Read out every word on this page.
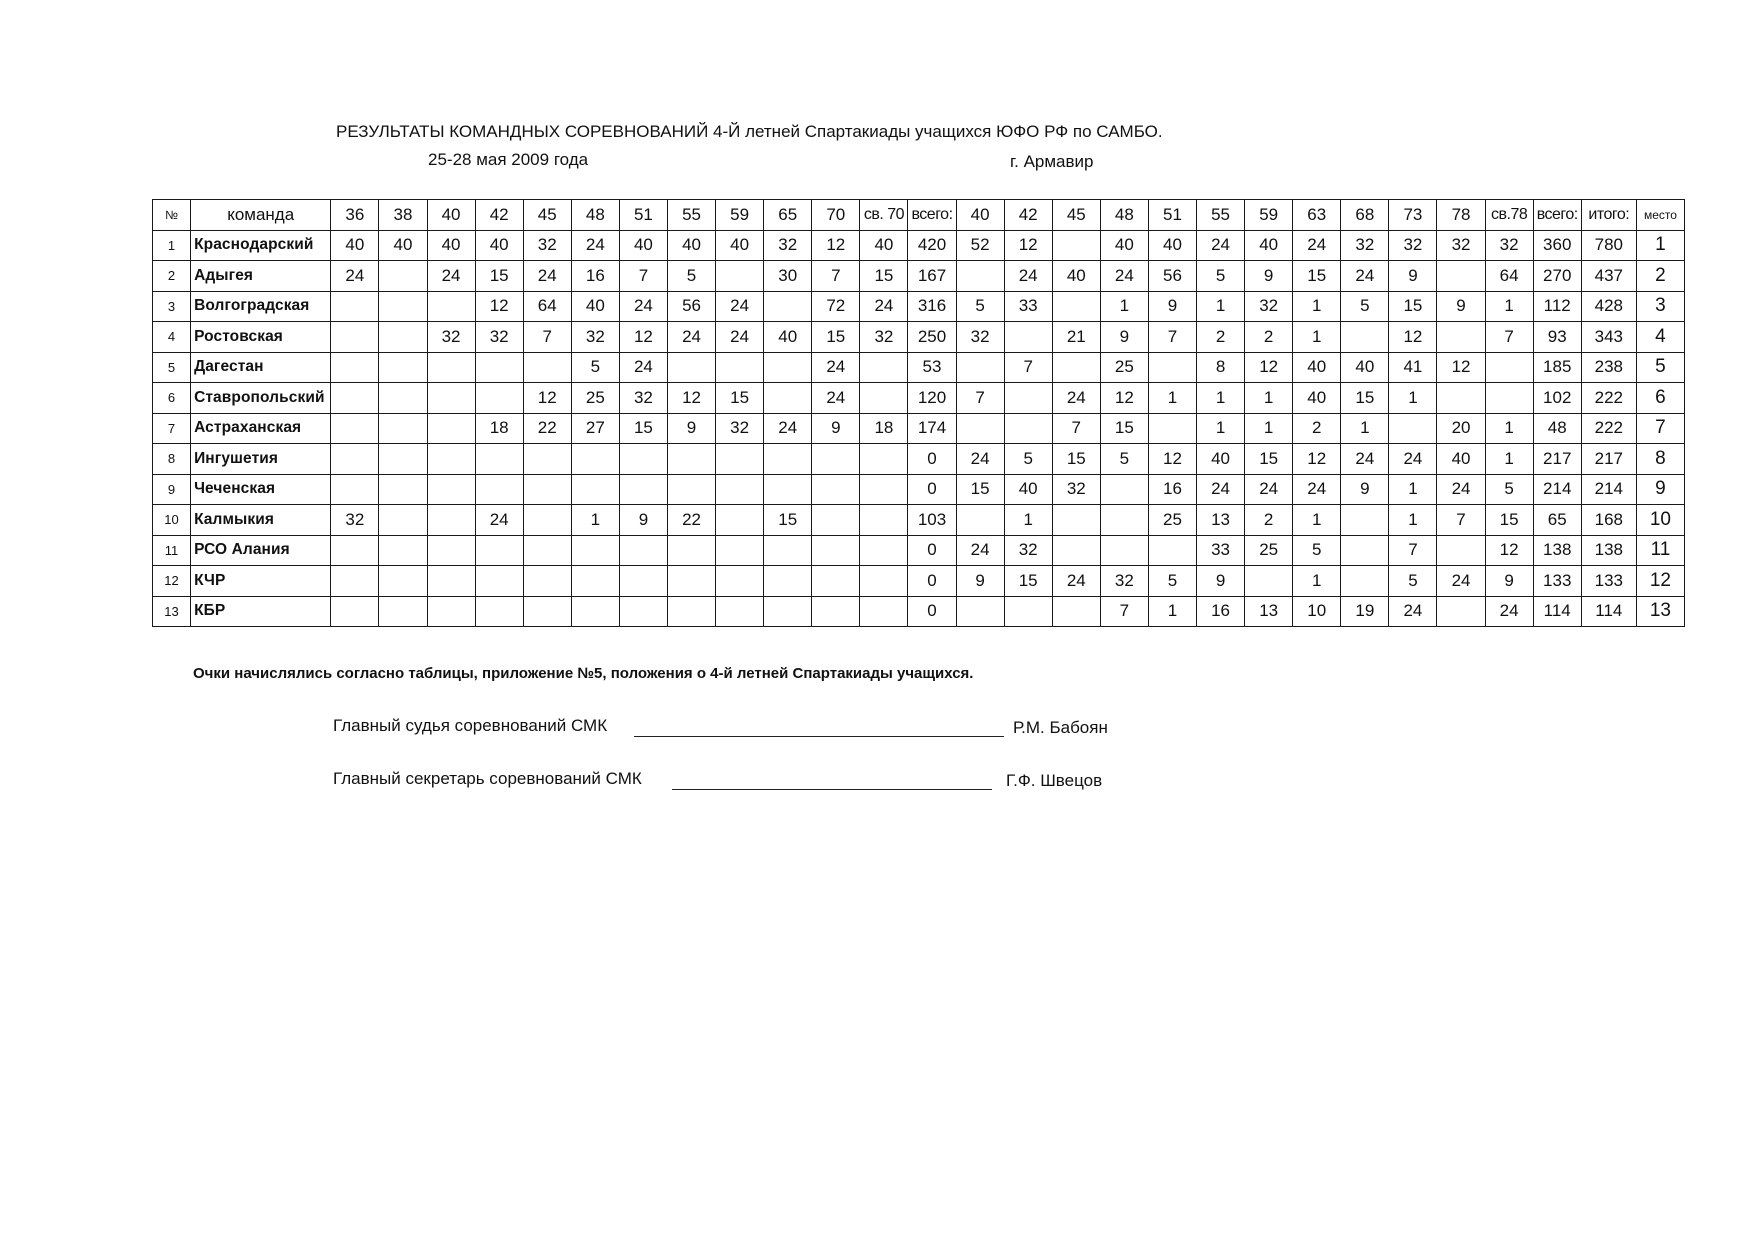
РЕЗУЛЬТАТЫ КОМАНДНЫХ СОРЕВНОВАНИЙ 4-Й летней Спартакиады учащихся ЮФО РФ по САМБО.
25-28 мая 2009 года	г. Армавир
№	команда	36	38	40	42	45	48	51	55	59	65	70	св. 70	всего:	40	42	45	48	51	55	59	63	68	73	78	св.78	всего:	итого:	место
1	Краснодарский	40	40	40	40	32	24	40	40	40	32	12	40	420	52	12		40	40	24	40	24	32	32	32	32	360	780	1
2	Адыгея	24		24	15	24	16	7	5		30	7	15	167		24	40	24	56	5	9	15	24	9		64	270	437	2
3	Волгоградская				12	64	40	24	56	24		72	24	316	5	33		1	9	1	32	1	5	15	9	1	112	428	3
4	Ростовская			32	32	7	32	12	24	24	40	15	32	250	32		21	9	7	2	2	1		12		7	93	343	4
5	Дагестан						5	24				24		53		7		25		8	12	40	40	41	12		185	238	5
6	Ставропольский					12	25	32	12	15		24		120	7		24	12	1	1	1	40	15	1			102	222	6
7	Астраханская				18	22	27	15	9	32	24	9	18	174			7	15		1	1	2	1		20	1	48	222	7
8	Ингушетия													0	24	5	15	5	12	40	15	12	24	24	40	1	217	217	8
9	Чеченская													0	15	40	32		16	24	24	24	9	1	24	5	214	214	9
10	Калмыкия	32			24		1	9	22		15			103		1			25	13	2	1		1	7	15	65	168	10
11	РСО Алания													0	24	32				33	25	5		7		12	138	138	11
12	КЧР													0	9	15	24	32	5	9		1		5	24	9	133	133	12
13	КБР													0				7	1	16	13	10	19	24		24	114	114	13
Очки начислялись согласно таблицы, приложение №5, положения о 4-й летней Спартакиады учащихся.
Главный судья соревнований СМК	Р.М. Бабоян
Главный секретарь соревнований СМК	Г.Ф. Швецов
